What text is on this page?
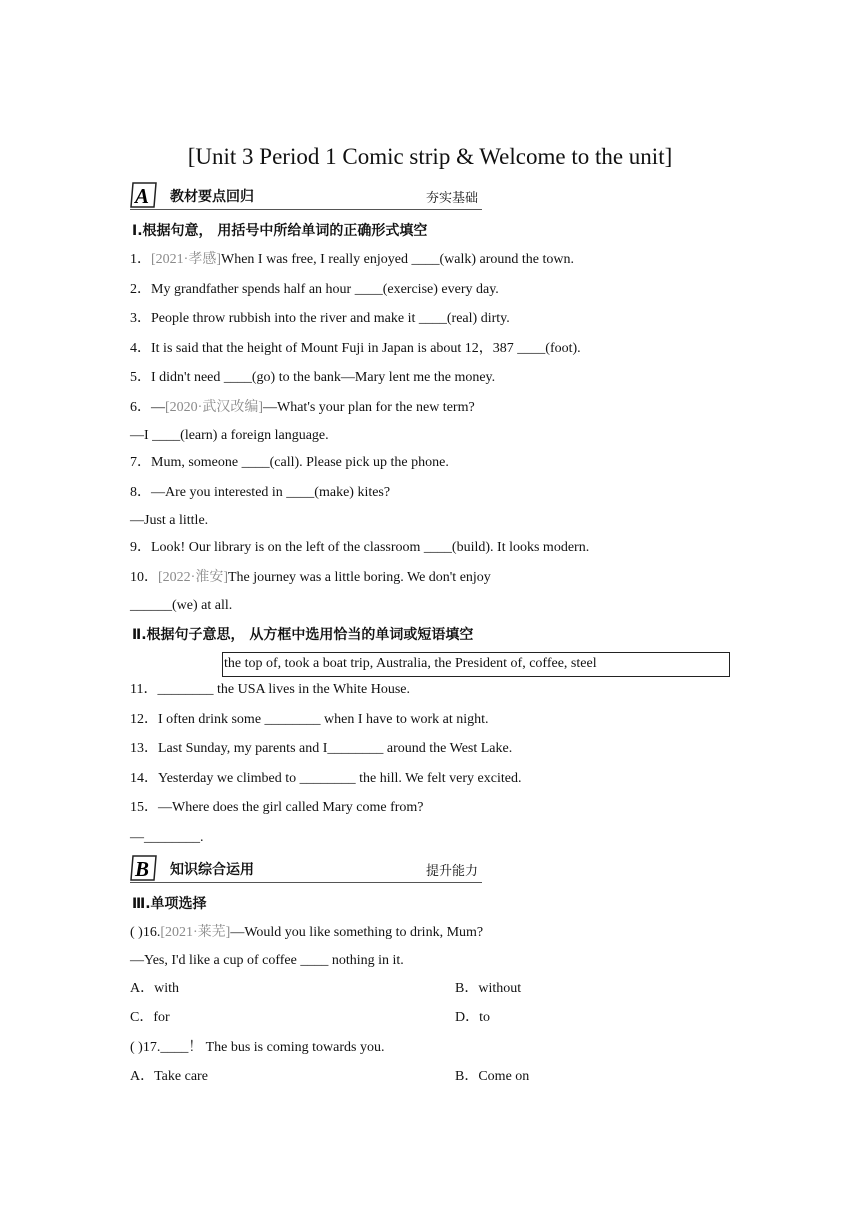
[Unit 3 Period 1 Comic strip & Welcome to the unit]
A 教材要点回归	夯实基础
Ⅰ.根据句意， 用括号中所给单词的正确形式填空
1．[2021·孝感]When I was free, I really enjoyed ____(walk) around the town.
2．My grandfather spends half an hour ____(exercise) every day.
3．People throw rubbish into the river and make it ____(real) dirty.
4．It is said that the height of Mount Fuji in Japan is about 12，387 ____(foot).
5．I didn't need ____(go) to the bank—Mary lent me the money.
6．—[2020·武汉改编]—What's your plan for the new term?
—I ____(learn) a foreign language.
7．Mum, someone ____(call). Please pick up the phone.
8．—Are you interested in ____(make) kites?
—Just a little.
9．Look! Our library is on the left of the classroom ____(build). It looks modern.
10．[2022·淮安]The journey was a little boring. We don't enjoy
______(we) at all.
Ⅱ.根据句子意思， 从方框中选用恰当的单词或短语填空
the top of, took a boat trip, Australia, the President of, coffee, steel
11．________ the USA lives in the White House.
12．I often drink some ________ when I have to work at night.
13．Last Sunday, my parents and I________ around the West Lake.
14．Yesterday we climbed to ________ the hill. We felt very excited.
15．—Where does the girl called Mary come from?
—________.
B 知识综合运用	提升能力
Ⅲ.单项选择
( )16.[2021·莱芜]—Would you like something to drink, Mum?
—Yes, I'd like a cup of coffee ____ nothing in it.
A．with	B．without
C．for	D．to
( )17.____！ The bus is coming towards you.
A．Take care	B．Come on
